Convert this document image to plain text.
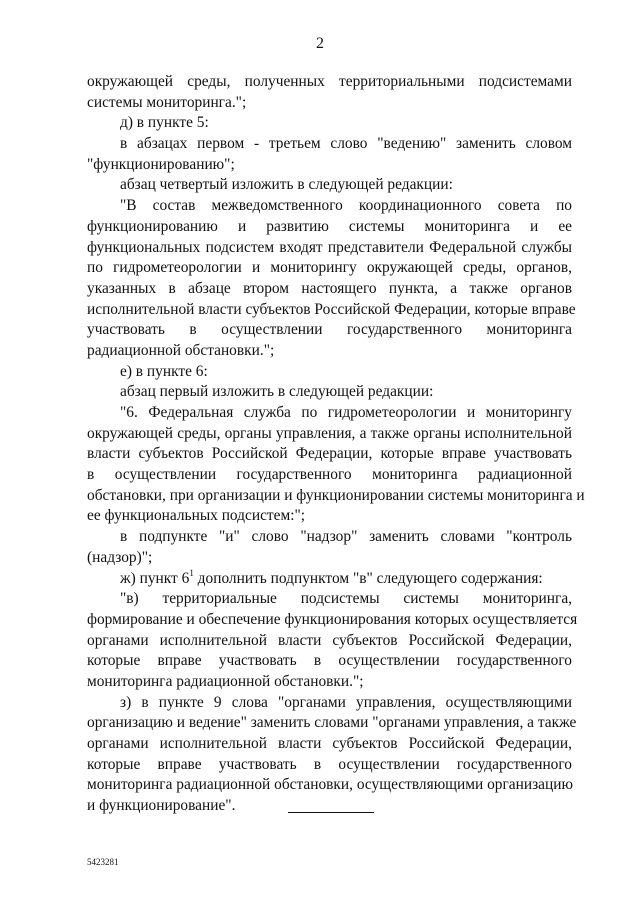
2
окружающей среды, полученных территориальными подсистемами
системы мониторинга.";
д) в пункте 5:
в абзацах первом - третьем слово "ведению" заменить словом
"функционированию";
абзац четвертый изложить в следующей редакции:
"В состав межведомственного координационного совета по
функционированию и развитию системы мониторинга и ее
функциональных подсистем входят представители Федеральной службы
по гидрометеорологии и мониторингу окружающей среды, органов,
указанных в абзаце втором настоящего пункта, а также органов
исполнительной власти субъектов Российской Федерации, которые вправе
участвовать в осуществлении государственного мониторинга
радиационной обстановки.";
е) в пункте 6:
абзац первый изложить в следующей редакции:
"6. Федеральная служба по гидрометеорологии и мониторингу
окружающей среды, органы управления, а также органы исполнительной
власти субъектов Российской Федерации, которые вправе участвовать
в осуществлении государственного мониторинга радиационной
обстановки, при организации и функционировании системы мониторинга и
ее функциональных подсистем:";
в подпункте "и" слово "надзор" заменить словами "контроль
(надзор)";
ж) пункт $6^1$ дополнить подпунктом "в" следующего содержания:
"в) территориальные подсистемы системы мониторинга,
формирование и обеспечение функционирования которых осуществляется
органами исполнительной власти субъектов Российской Федерации,
которые вправе участвовать в осуществлении государственного
мониторинга радиационной обстановки.";
з) в пункте 9 слова "органами управления, осуществляющими
организацию и ведение" заменить словами "органами управления, а также
органами исполнительной власти субъектов Российской Федерации,
которые вправе участвовать в осуществлении государственного
мониторинга радиационной обстановки, осуществляющими организацию
и функционирование".
5423281
